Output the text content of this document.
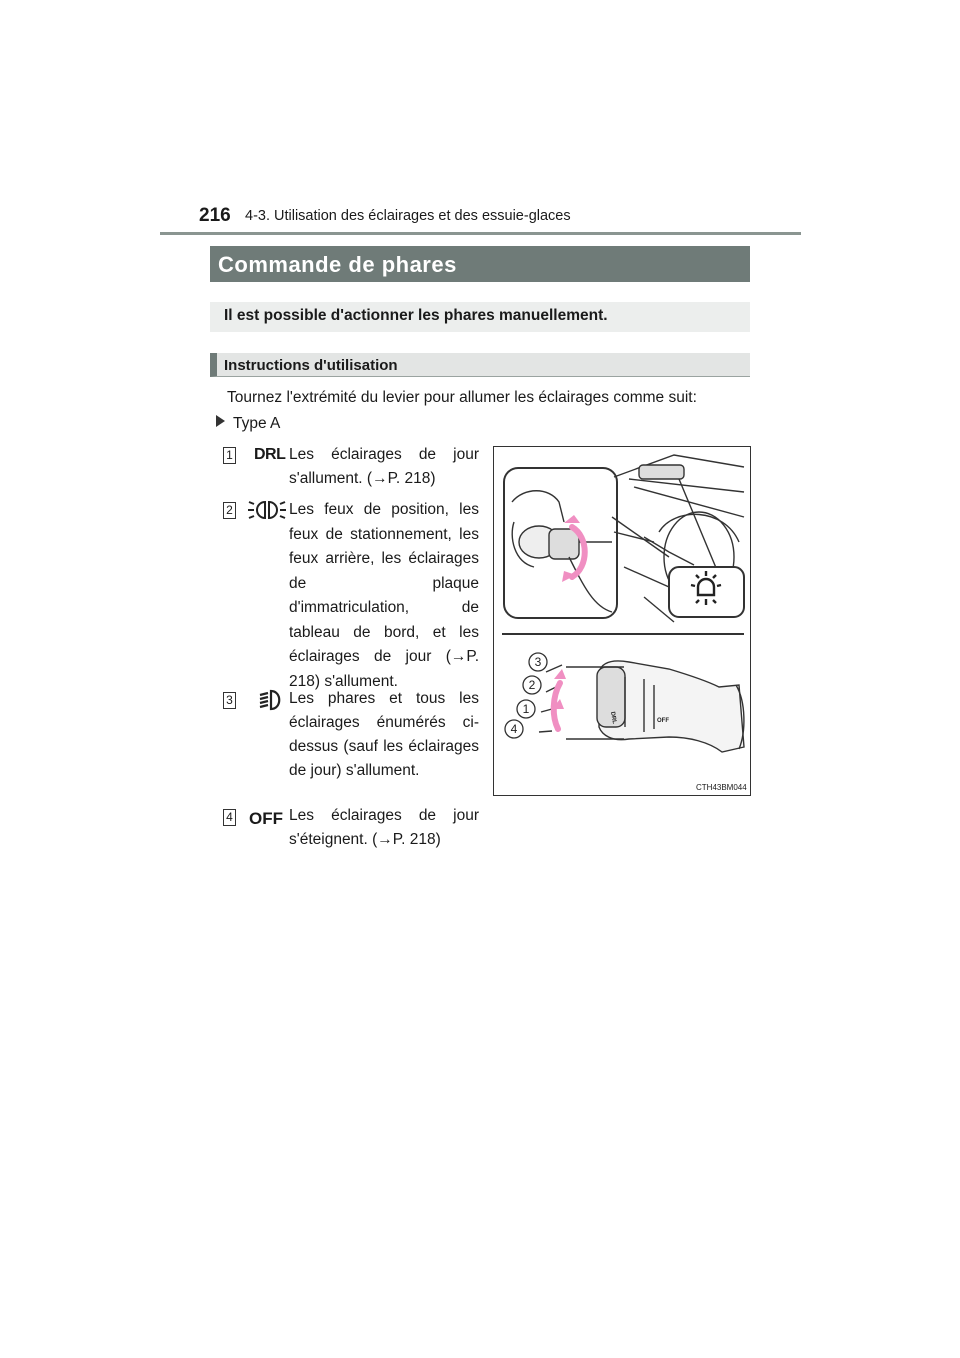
216 4-3. Utilisation des éclairages et des essuie-glaces
Commande de phares
Il est possible d'actionner les phares manuellement.
Instructions d'utilisation
Tournez l'extrémité du levier pour allumer les éclairages comme suit:
Type A
1 DRL Les éclairages de jour s'allument. (→P. 218)
2	Les feux de position, les feux de stationnement, les feux arrière, les éclairages de plaque d'immatriculation, de tableau de bord, et les éclairages de jour (→P. 218) s'allument.
3	Les phares et tous les éclairages énumérés ci-dessus (sauf les éclairages de jour) s'allument.
4 OFF Les éclairages de jour s'éteignent. (→P. 218)
3
2
1
4
DRL	OFF
CTH43BM044
